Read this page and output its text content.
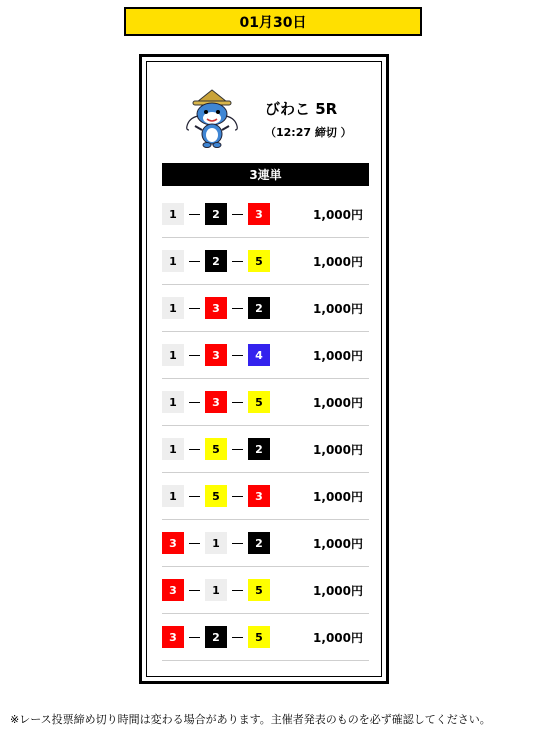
01月30日
びわこ 5R
（12:27 締切 ）
3連単
1	2	3	1,000円
1	2	5	1,000円
1	3	2	1,000円
1	3	4	1,000円
1	3	5	1,000円
1	5	2	1,000円
1	5	3	1,000円
3	1	2	1,000円
3	1	5	1,000円
3	2	5	1,000円
※レース投票締め切り時間は変わる場合があります。主催者発表のものを必ず確認してください。
